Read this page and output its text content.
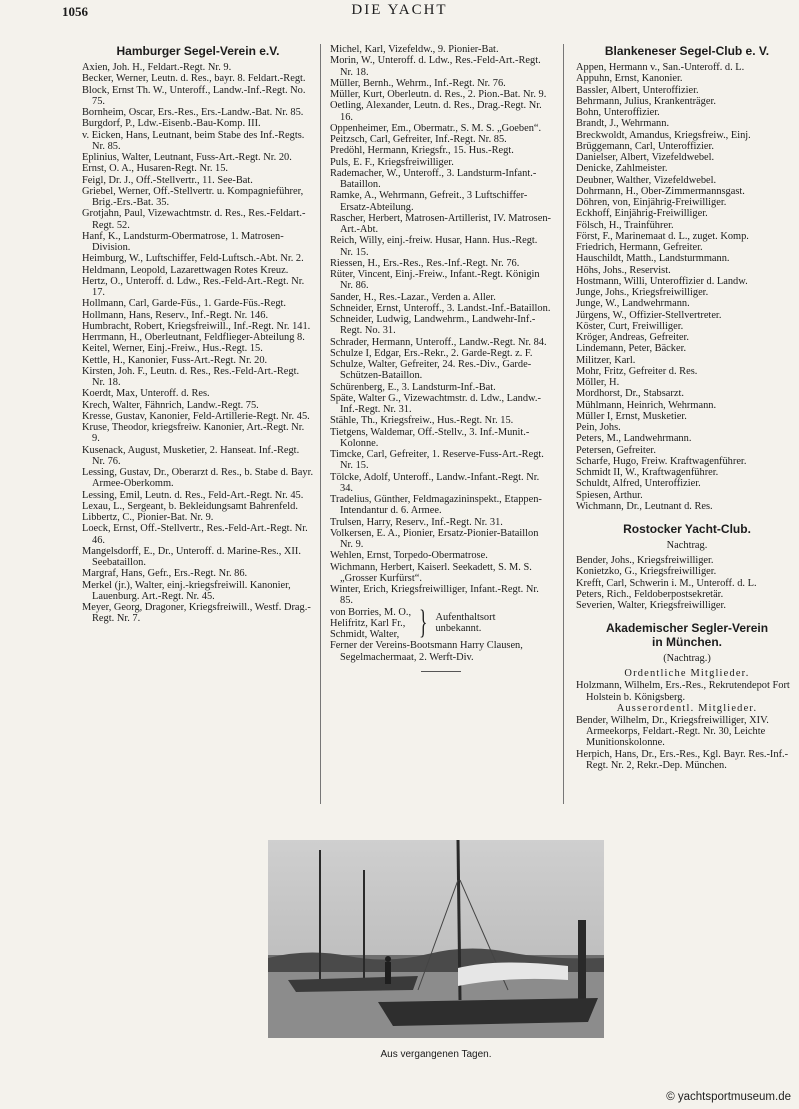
1056	DIE YACHT
Hamburger Segel-Verein e.V.

Axien, Joh. H., Feldart.-Regt. Nr. 9.

Becker, Werner, Leutn. d. Res., bayr. 8. Feldart.-Regt.

Block, Ernst Th. W., Unteroff., Landw.-Inf.-Regt. No. 75.

Bornheim, Oscar, Ers.-Res., Ers.-Landw.-Bat. Nr. 85.

Burgdorf, P., Ldw.-Eisenb.-Bau-Komp. III.

v. Eicken, Hans, Leutnant, beim Stabe des Inf.-Regts. Nr. 85.

Eplinius, Walter, Leutnant, Fuss-Art.-Regt. Nr. 20.

Ernst, O. A., Husaren-Regt. Nr. 15.

Feigl, Dr. J., Off.-Stellvertr., 11. See-Bat.

Griebel, Werner, Off.-Stellvertr. u. Kompagnieführer, Brig.-Ers.-Bat. 35.

Grotjahn, Paul, Vizewachtmstr. d. Res., Res.-Feldart.-Regt. 52.

Hanf, K., Landsturm-Obermatrose, 1. Matrosen-Division.

Heimburg, W., Luftschiffer, Feld-Luftsch.-Abt. Nr. 2.

Heldmann, Leopold, Lazarettwagen Rotes Kreuz.

Hertz, O., Unteroff. d. Ldw., Res.-Feld-Art.-Regt. Nr. 17.

Hollmann, Carl, Garde-Füs., 1. Garde-Füs.-Regt.

Hollmann, Hans, Reserv., Inf.-Regt. Nr. 146.

Humbracht, Robert, Kriegsfreiwill., Inf.-Regt. Nr. 141.

Herrmann, H., Oberleutnant, Feldflieger-Abteilung 8.

Keitel, Werner, Einj.-Freiw., Hus.-Regt. 15.

Kettle, H., Kanonier, Fuss-Art.-Regt. Nr. 20.

Kirsten, Joh. F., Leutn. d. Res., Res.-Feld-Art.-Regt. Nr. 18.

Koerdt, Max, Unteroff. d. Res.

Krech, Walter, Fähnrich, Landw.-Regt. 75.

Kresse, Gustav, Kanonier, Feld-Artillerie-Regt. Nr. 45.

Kruse, Theodor, kriegsfreiw. Kanonier, Art.-Regt. Nr. 9.

Kusenack, August, Musketier, 2. Hanseat. Inf.-Regt. Nr. 76.

Lessing, Gustav, Dr., Oberarzt d. Res., b. Stabe d. Bayr. Armee-Oberkomm.

Lessing, Emil, Leutn. d. Res., Feld-Art.-Regt. Nr. 45.

Lexau, L., Sergeant, b. Bekleidungsamt Bahrenfeld.

Libbertz, C., Pionier-Bat. Nr. 9.

Loeck, Ernst, Off.-Stellvertr., Res.-Feld-Art.-Regt. Nr. 46.

Mangelsdorff, E., Dr., Unteroff. d. Marine-Res., XII. Seebataillon.

Margraf, Hans, Gefr., Ers.-Regt. Nr. 86.

Merkel (jr.), Walter, einj.-kriegsfreiwill. Kanonier, Lauenburg. Art.-Regt. Nr. 45.

Meyer, Georg, Dragoner, Kriegsfreiwill., Westf. Drag.-Regt. Nr. 7.

Michel, Karl, Vizefeldw., 9. Pionier-Bat.

Morin, W., Unteroff. d. Ldw., Res.-Feld-Art.-Regt. Nr. 18.

Müller, Bernh., Wehrm., Inf.-Regt. Nr. 76.

Müller, Kurt, Oberleutn. d. Res., 2. Pion.-Bat. Nr. 9.

Oetling, Alexander, Leutn. d. Res., Drag.-Regt. Nr. 16.

Oppenheimer, Em., Obermatr., S. M. S. „Goeben“.

Peitzsch, Carl, Gefreiter, Inf.-Regt. Nr. 85.

Predöhl, Hermann, Kriegsfr., 15. Hus.-Regt.

Puls, E. F., Kriegsfreiwilliger.

Rademacher, W., Unteroff., 3. Landsturm-Infant.-Bataillon.

Ramke, A., Wehrmann, Gefreit., 3 Luftschiffer-Ersatz-Abteilung.

Rascher, Herbert, Matrosen-Artillerist, IV. Matrosen-Art.-Abt.

Reich, Willy, einj.-freiw. Husar, Hann. Hus.-Regt. Nr. 15.

Riessen, H., Ers.-Res., Res.-Inf.-Regt. Nr. 76.

Rüter, Vincent, Einj.-Freiw., Infant.-Regt. Königin Nr. 86.

Sander, H., Res.-Lazar., Verden a. Aller.

Schneider, Ernst, Unteroff., 3. Landst.-Inf.-Bataillon.

Schneider, Ludwig, Landwehrm., Landwehr-Inf.-Regt. No. 31.

Schrader, Hermann, Unteroff., Landw.-Regt. Nr. 84.

Schulze I, Edgar, Ers.-Rekr., 2. Garde-Regt. z. F.

Schulze, Walter, Gefreiter, 24. Res.-Div., Garde-Schützen-Bataillon.

Schürenberg, E., 3. Landsturm-Inf.-Bat.

Späte, Walter G., Vizewachtmstr. d. Ldw., Landw.-Inf.-Regt. Nr. 31.

Stähle, Th., Kriegsfreiw., Hus.-Regt. Nr. 15.

Tietgens, Waldemar, Off.-Stellv., 3. Inf.-Munit.-Kolonne.

Timcke, Carl, Gefreiter, 1. Reserve-Fuss-Art.-Regt. Nr. 15.

Tölcke, Adolf, Unteroff., Landw.-Infant.-Regt. Nr. 34.

Tradelius, Günther, Feldmagazininspekt., Etappen-Intendantur d. 6. Armee.

Trulsen, Harry, Reserv., Inf.-Regt. Nr. 31.

Volkersen, E. A., Pionier, Ersatz-Pionier-Bataillon Nr. 9.

Wehlen, Ernst, Torpedo-Obermatrose.

Wichmann, Herbert, Kaiserl. Seekadett, S. M. S. „Grosser Kurfürst“.

Winter, Erich, Kriegsfreiwilliger, Infant.-Regt. Nr. 85.

von Borries, M. O.,
Helifritz, Karl Fr.,
Schmidt, Walter, } Aufenthaltsort
unbekannt.

Ferner der Vereins-Bootsmann Harry Clausen, Segelmachermaat, 2. Werft-Div.

Blankeneser Segel-Club e. V.

Appen, Hermann v., San.-Unteroff. d. L.

Appuhn, Ernst, Kanonier.

Bassler, Albert, Unteroffizier.

Behrmann, Julius, Krankenträger.

Bohn, Unteroffizier.

Brandt, J., Wehrmann.

Breckwoldt, Amandus, Kriegsfreiw., Einj.

Brüggemann, Carl, Unteroffizier.

Danielser, Albert, Vizefeldwebel.

Denicke, Zahlmeister.

Deubner, Walther, Vizefeldwebel.

Dohrmann, H., Ober-Zimmermannsgast.

Döhren, von, Einjährig-Freiwilliger.

Eckhoff, Einjährig-Freiwilliger.

Fölsch, H., Trainführer.

Först, F., Marinemaat d. L., zuget. Komp.

Friedrich, Hermann, Gefreiter.

Hauschildt, Matth., Landsturmmann.

Höhs, Johs., Reservist.

Hostmann, Willi, Unteroffizier d. Landw.

Junge, Johs., Kriegsfreiwilliger.

Junge, W., Landwehrmann.

Jürgens, W., Offizier-Stellvertreter.

Köster, Curt, Freiwilliger.

Kröger, Andreas, Gefreiter.

Lindemann, Peter, Bäcker.

Militzer, Karl.

Mohr, Fritz, Gefreiter d. Res.

Möller, H.

Mordhorst, Dr., Stabsarzt.

Mühlmann, Heinrich, Wehrmann.

Müller I, Ernst, Musketier.

Pein, Johs.

Peters, M., Landwehrmann.

Petersen, Gefreiter.

Scharfe, Hugo, Freiw. Kraftwagenführer.

Schmidt II, W., Kraftwagenführer.

Schuldt, Alfred, Unteroffizier.

Spiesen, Arthur.

Wichmann, Dr., Leutnant d. Res.

Rostocker Yacht-Club.
Nachtrag.

Bender, Johs., Kriegsfreiwilliger.

Konietzko, G., Kriegsfreiwilliger.

Krefft, Carl, Schwerin i. M., Unteroff. d. L.

Peters, Rich., Feldoberpostsekretär.

Severien, Walter, Kriegsfreiwilliger.

Akademischer Segler-Verein
in München.
(Nachtrag.)
Ordentliche Mitglieder.

Holzmann, Wilhelm, Ers.-Res., Rekrutendepot Fort Holstein b. Königsberg.

Ausserordentl. Mitglieder.

Bender, Wilhelm, Dr., Kriegsfreiwilliger, XIV. Armeekorps, Feldart.-Regt. Nr. 30, Leichte Munitionskolonne.

Herpich, Hans, Dr., Ers.-Res., Kgl. Bayr. Res.-Inf.-Regt. Nr. 2, Rekr.-Dep. München.

Aus vergangenen Tagen.
© yachtsportmuseum.de
